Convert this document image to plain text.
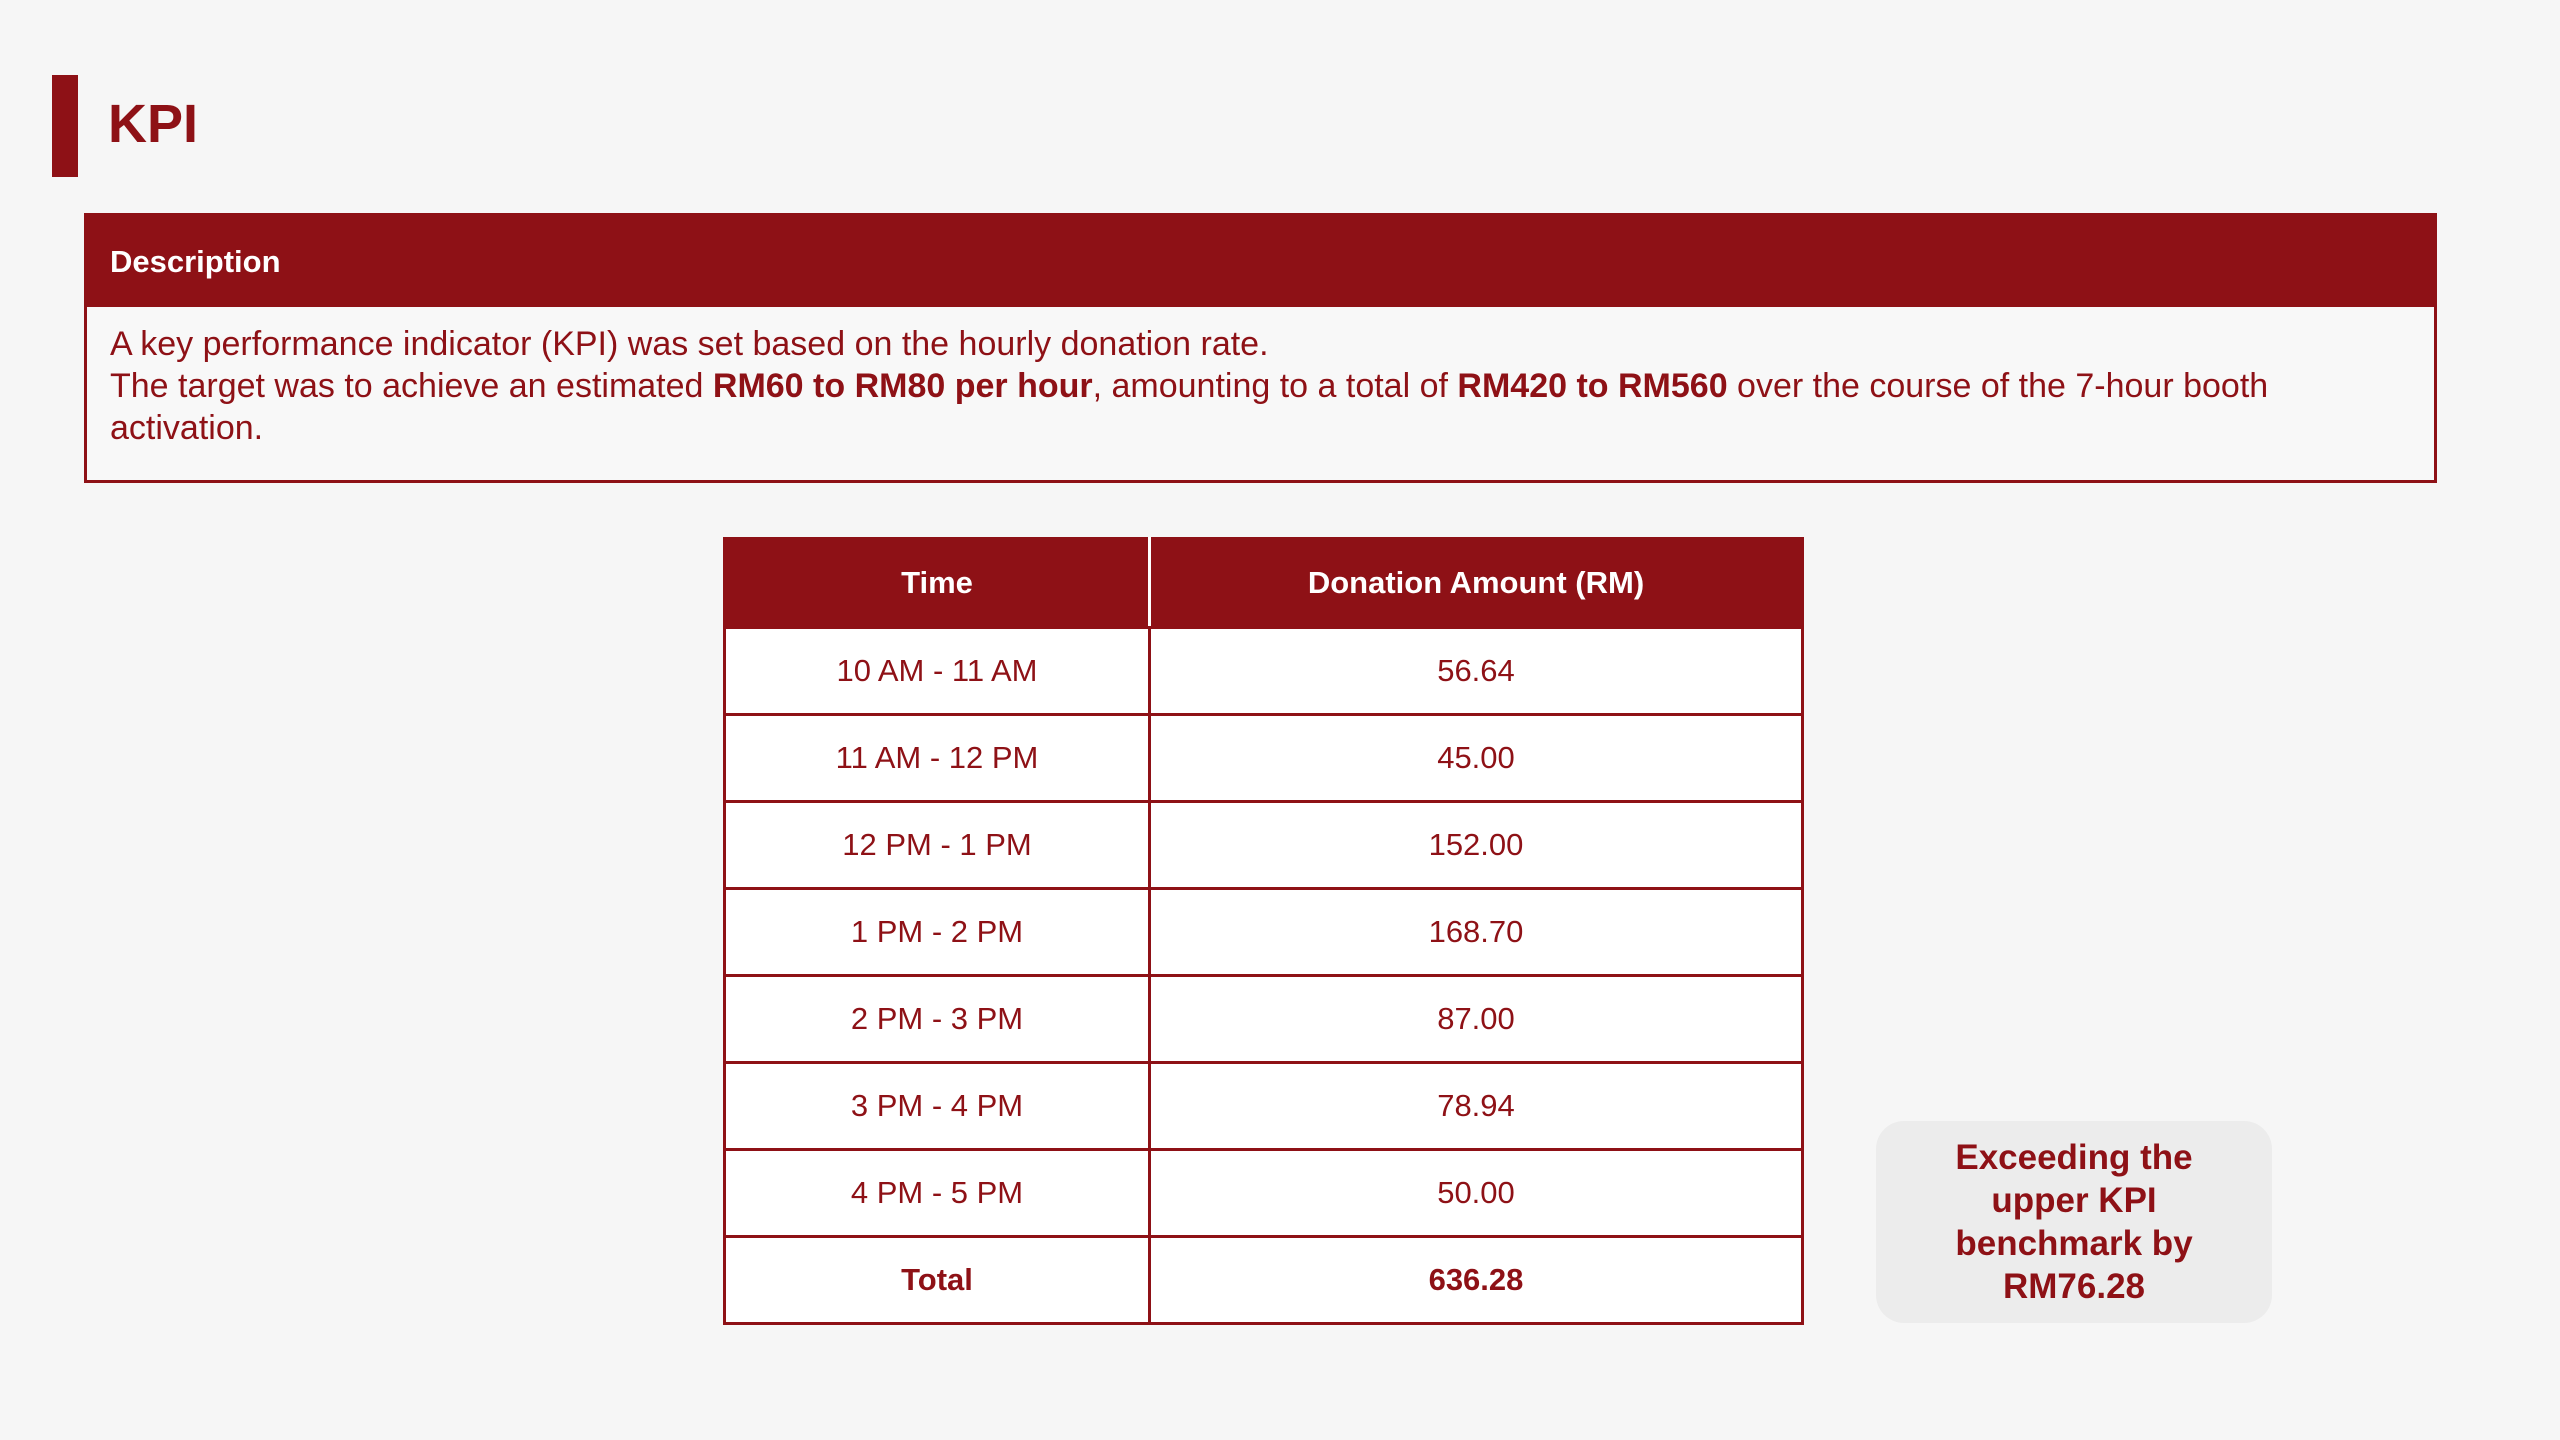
KPI
Description
A key performance indicator (KPI) was set based on the hourly donation rate.
The target was to achieve an estimated RM60 to RM80 per hour, amounting to a total of RM420 to RM560 over the course of the 7-hour booth activation.
Time	Donation Amount (RM)
10 AM - 11 AM	56.64
11 AM - 12 PM	45.00
12 PM - 1 PM	152.00
1 PM - 2 PM	168.70
2 PM - 3 PM	87.00
3 PM - 4 PM	78.94
4 PM - 5 PM	50.00
Total	636.28
Exceeding the upper KPI benchmark by RM76.28
